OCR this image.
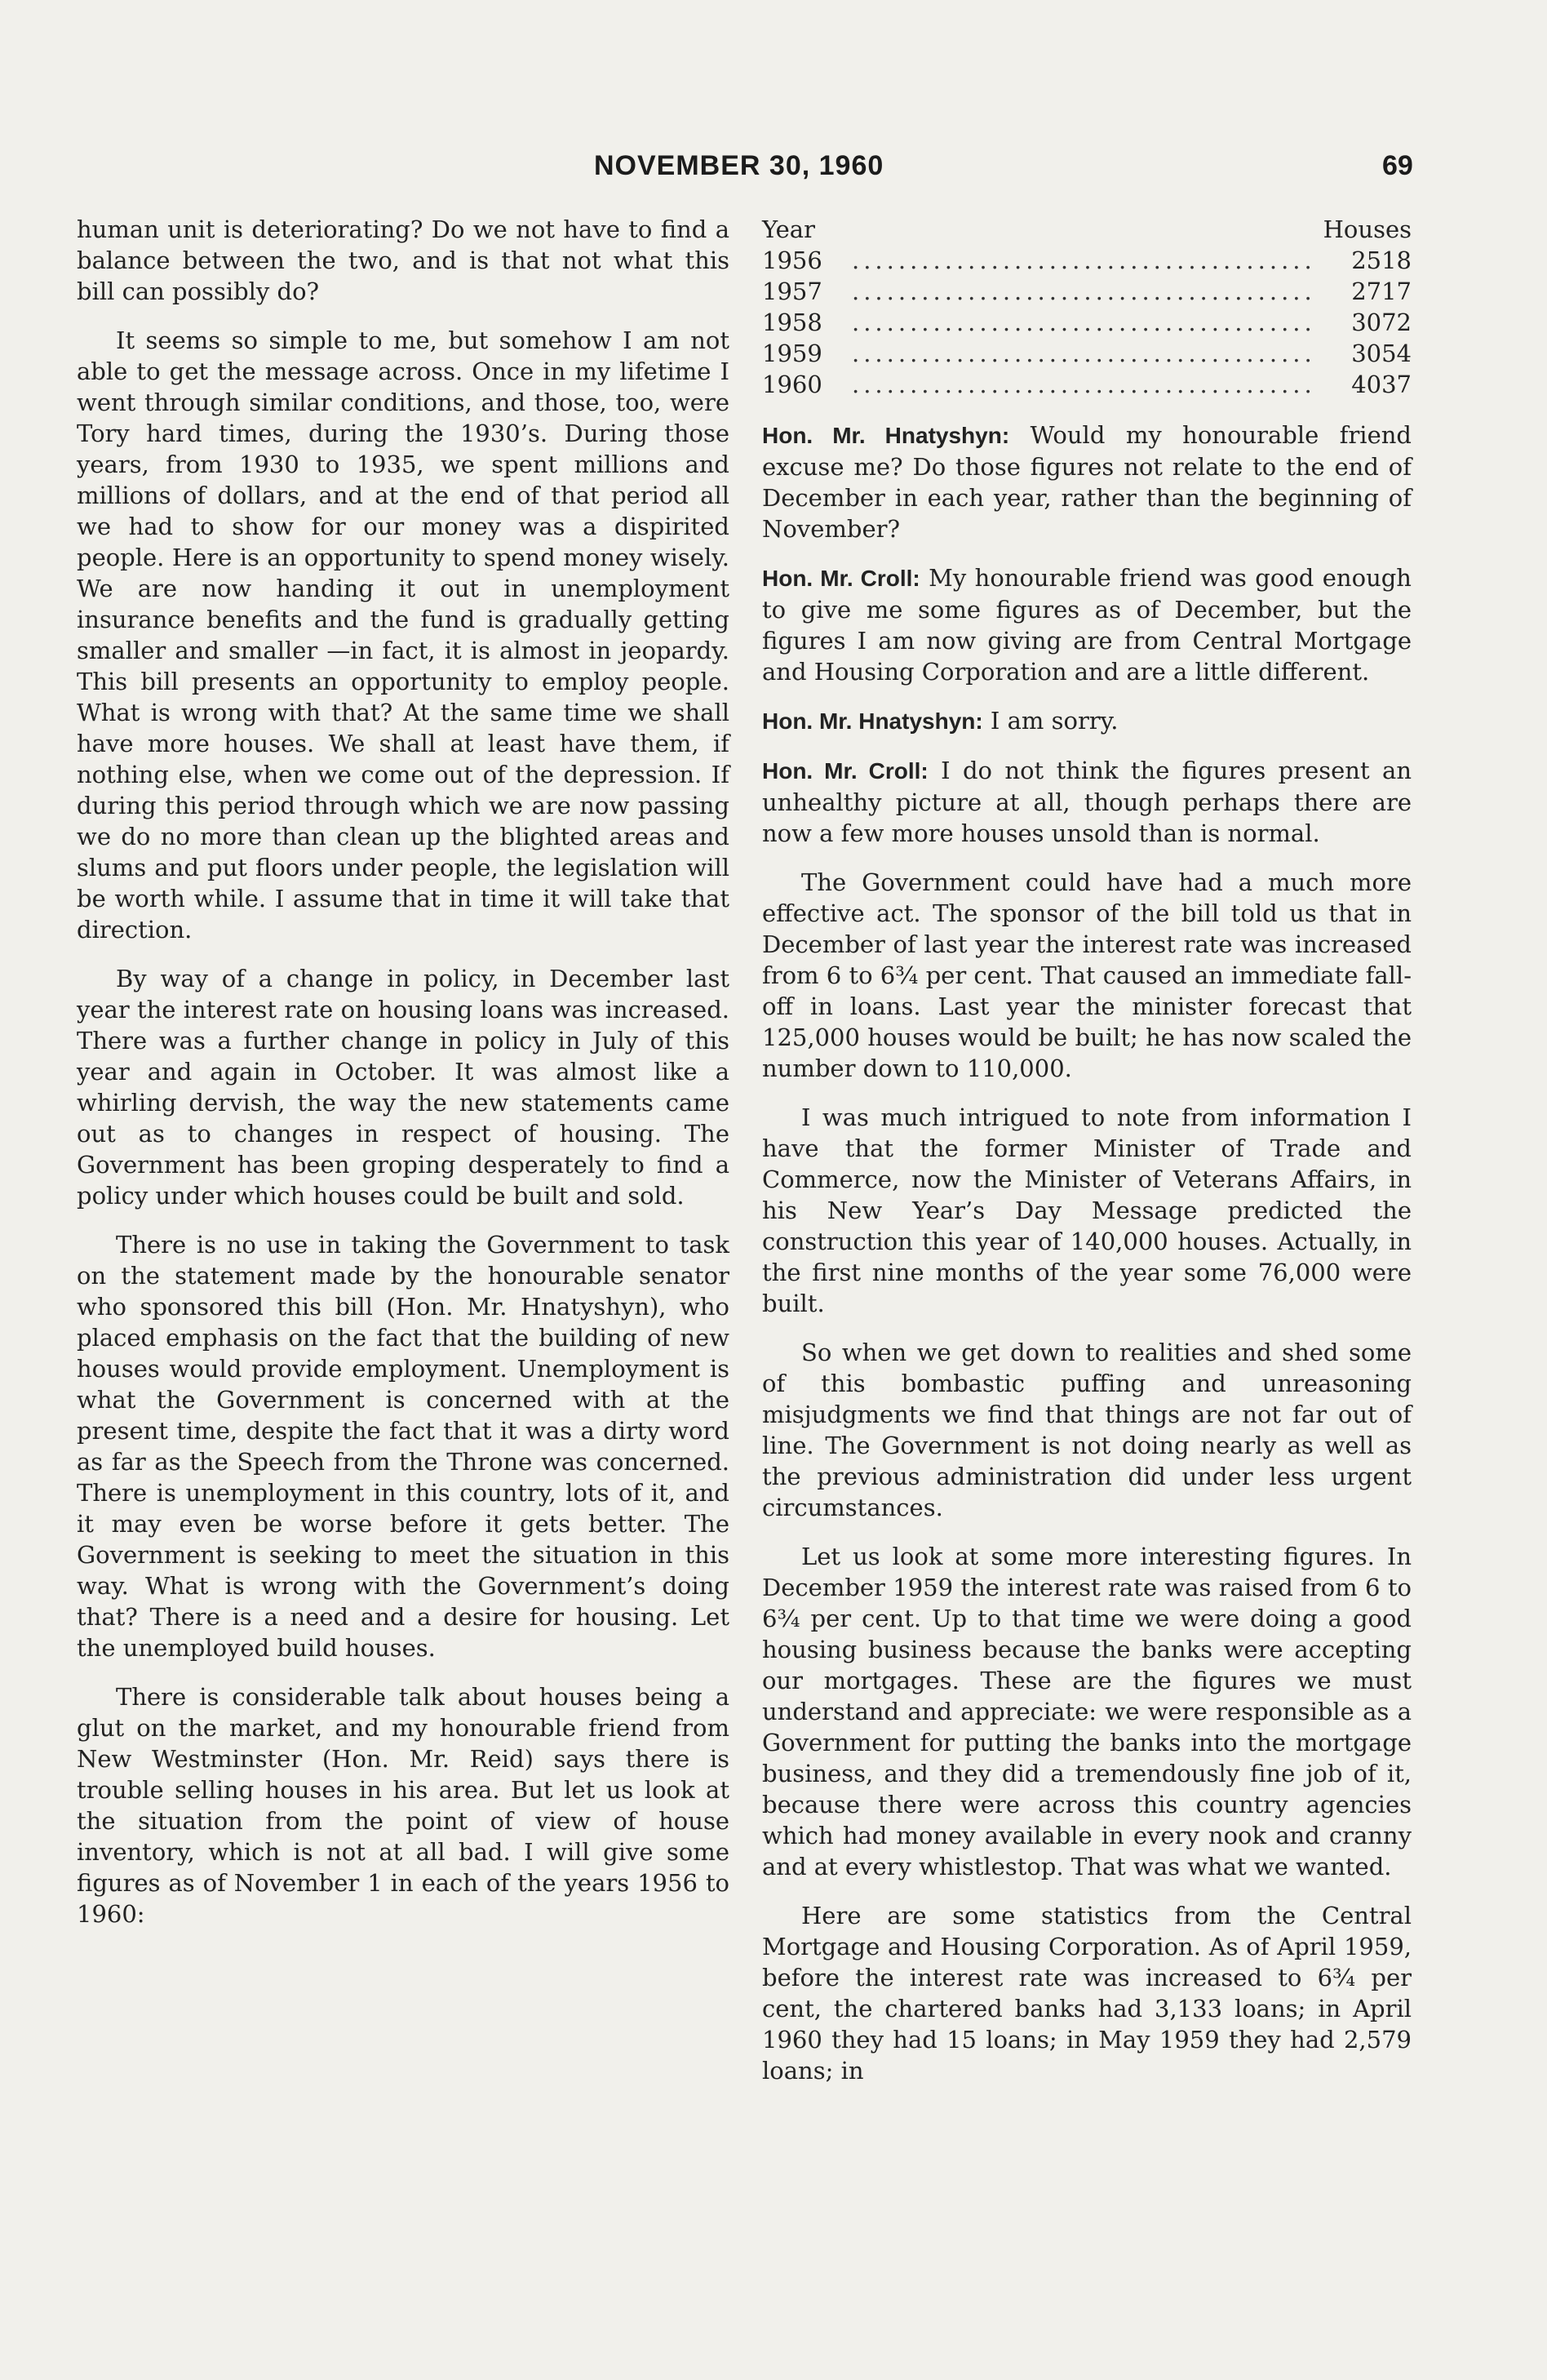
NOVEMBER 30, 1960	69

human unit is deteriorating? Do we not have to find a balance between the two, and is that not what this bill can possibly do?

It seems so simple to me, but somehow I am not able to get the message across. Once in my lifetime I went through similar conditions, and those, too, were Tory hard times, during the 1930’s. During those years, from 1930 to 1935, we spent millions and millions of dollars, and at the end of that period all we had to show for our money was a dispirited people. Here is an opportunity to spend money wisely. We are now handing it out in unemployment insurance benefits and the fund is gradually getting smaller and smaller —in fact, it is almost in jeopardy. This bill presents an opportunity to employ people. What is wrong with that? At the same time we shall have more houses. We shall at least have them, if nothing else, when we come out of the depression. If during this period through which we are now passing we do no more than clean up the blighted areas and slums and put floors under people, the legislation will be worth while. I assume that in time it will take that direction.

By way of a change in policy, in December last year the interest rate on housing loans was increased. There was a further change in policy in July of this year and again in October. It was almost like a whirling dervish, the way the new statements came out as to changes in respect of housing. The Government has been groping desperately to find a policy under which houses could be built and sold.

There is no use in taking the Government to task on the statement made by the honourable senator who sponsored this bill (Hon. Mr. Hnatyshyn), who placed emphasis on the fact that the building of new houses would provide employment. Unemployment is what the Government is concerned with at the present time, despite the fact that it was a dirty word as far as the Speech from the Throne was concerned. There is unemployment in this country, lots of it, and it may even be worse before it gets better. The Government is seeking to meet the situation in this way. What is wrong with the Government’s doing that? There is a need and a desire for housing. Let the unemployed build houses.

There is considerable talk about houses being a glut on the market, and my honourable friend from New Westminster (Hon. Mr. Reid) says there is trouble selling houses in his area. But let us look at the situation from the point of view of house inventory, which is not at all bad. I will give some figures as of November 1 in each of the years 1956 to 1960:

Year		Houses
1956	........................................	2518
1957	........................................	2717
1958	........................................	3072
1959	........................................	3054
1960	........................................	4037

Hon. Mr. Hnatyshyn: Would my honourable friend excuse me? Do those figures not relate to the end of December in each year, rather than the beginning of November?

Hon. Mr. Croll: My honourable friend was good enough to give me some figures as of December, but the figures I am now giving are from Central Mortgage and Housing Corporation and are a little different.

Hon. Mr. Hnatyshyn: I am sorry.

Hon. Mr. Croll: I do not think the figures present an unhealthy picture at all, though perhaps there are now a few more houses unsold than is normal.

The Government could have had a much more effective act. The sponsor of the bill told us that in December of last year the interest rate was increased from 6 to 6¾ per cent. That caused an immediate fall-off in loans. Last year the minister forecast that 125,000 houses would be built; he has now scaled the number down to 110,000.

I was much intrigued to note from information I have that the former Minister of Trade and Commerce, now the Minister of Veterans Affairs, in his New Year’s Day Message predicted the construction this year of 140,000 houses. Actually, in the first nine months of the year some 76,000 were built.

So when we get down to realities and shed some of this bombastic puffing and unreasoning misjudgments we find that things are not far out of line. The Government is not doing nearly as well as the previous administration did under less urgent circumstances.

Let us look at some more interesting figures. In December 1959 the interest rate was raised from 6 to 6¾ per cent. Up to that time we were doing a good housing business because the banks were accepting our mortgages. These are the figures we must understand and appreciate: we were responsible as a Government for putting the banks into the mortgage business, and they did a tremendously fine job of it, because there were across this country agencies which had money available in every nook and cranny and at every whistlestop. That was what we wanted.

Here are some statistics from the Central Mortgage and Housing Corporation. As of April 1959, before the interest rate was increased to 6¾ per cent, the chartered banks had 3,133 loans; in April 1960 they had 15 loans; in May 1959 they had 2,579 loans; in
